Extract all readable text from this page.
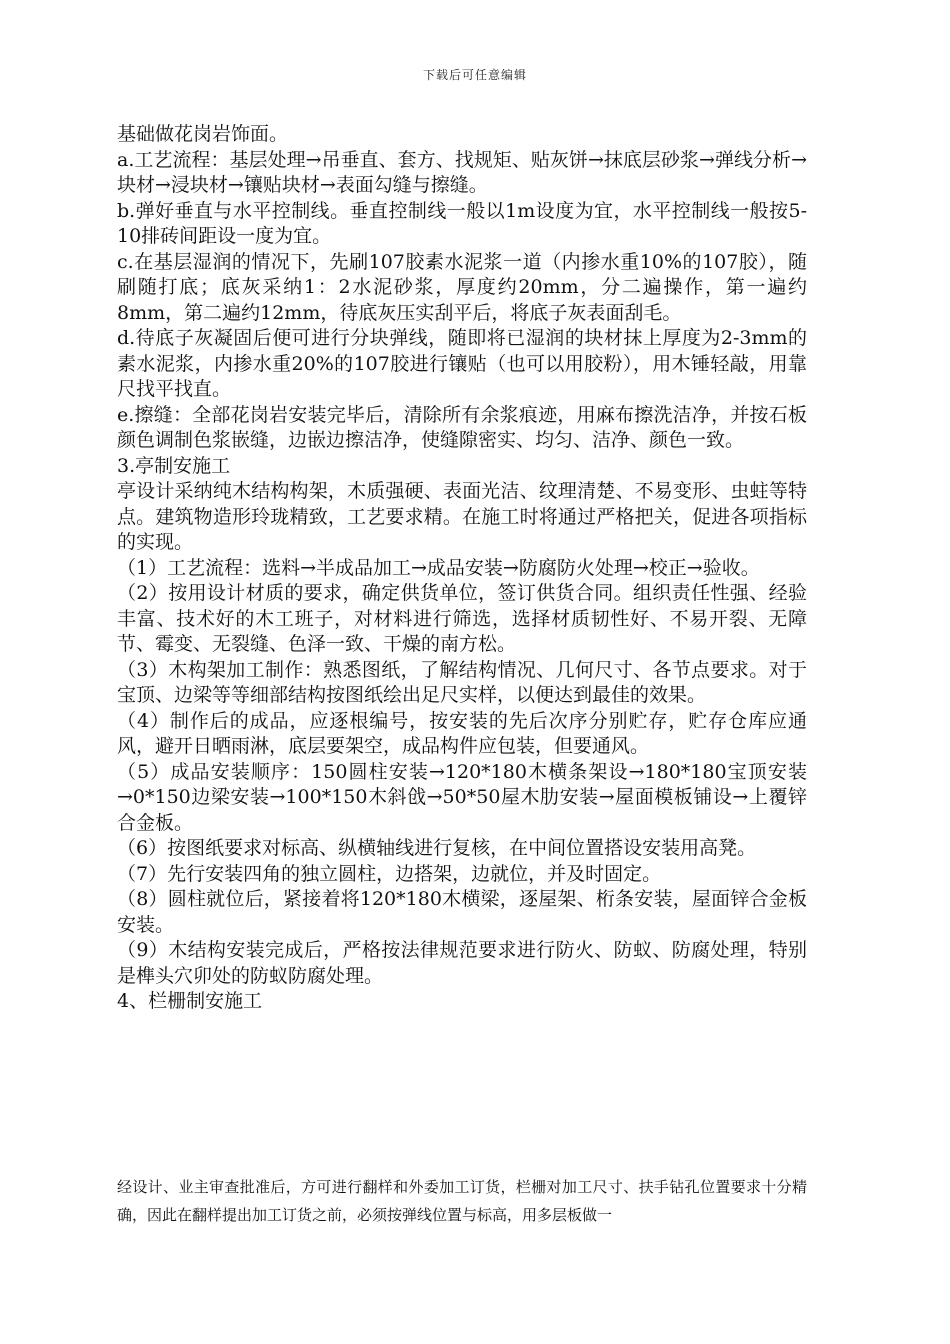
下载后可任意编辑

基础做花岗岩饰面。

a.工艺流程：基层处理→吊垂直、套方、找规矩、贴灰饼→抹底层砂浆→弹线分析→块材→浸块材→镶贴块材→表面勾缝与擦缝。

b.弹好垂直与水平控制线。垂直控制线一般以1m设度为宜，水平控制线一般按5-10排砖间距设一度为宜。

c.在基层湿润的情况下，先刷107胶素水泥浆一道（内掺水重10%的107胶），随刷随打底；底灰采纳1：2水泥砂浆，厚度约20mm，分二遍操作，第一遍约8mm，第二遍约12mm，待底灰压实刮平后，将底子灰表面刮毛。

d.待底子灰凝固后便可进行分块弹线，随即将已湿润的块材抹上厚度为2-3mm的素水泥浆，内掺水重20%的107胶进行镶贴（也可以用胶粉），用木锤轻敲，用靠尺找平找直。

e.擦缝：全部花岗岩安装完毕后，清除所有余浆痕迹，用麻布擦洗洁净，并按石板颜色调制色浆嵌缝，边嵌边擦洁净，使缝隙密实、均匀、洁净、颜色一致。

3.亭制安施工

亭设计采纳纯木结构构架，木质强硬、表面光洁、纹理清楚、不易变形、虫蛀等特点。建筑物造形玲珑精致，工艺要求精。在施工时将通过严格把关，促进各项指标的实现。

（1）工艺流程：选料→半成品加工→成品安装→防腐防火处理→校正→验收。

（2）按用设计材质的要求，确定供货单位，签订供货合同。组织责任性强、经验丰富、技术好的木工班子，对材料进行筛选，选择材质韧性好、不易开裂、无障节、霉变、无裂缝、色泽一致、干燥的南方松。

（3）木构架加工制作：熟悉图纸，了解结构情况、几何尺寸、各节点要求。对于宝顶、边梁等等细部结构按图纸绘出足尺实样，以便达到最佳的效果。

（4）制作后的成品，应逐根编号，按安装的先后次序分别贮存，贮存仓库应通风，避开日晒雨淋，底层要架空，成品构件应包装，但要通风。

（5）成品安装顺序：150圆柱安装→120*180木横条架设→180*180宝顶安装→0*150边梁安装→100*150木斜戗→50*50屋木肋安装→屋面模板铺设→上覆锌合金板。

（6）按图纸要求对标高、纵横轴线进行复核，在中间位置搭设安装用高凳。

（7）先行安装四角的独立圆柱，边搭架，边就位，并及时固定。

（8）圆柱就位后，紧接着将120*180木横梁，逐屋架、桁条安装，屋面锌合金板安装。

（9）木结构安装完成后，严格按法律规范要求进行防火、防蚁、防腐处理，特别是榫头穴卯处的防蚁防腐处理。

4、栏栅制安施工

经设计、业主审查批准后，方可进行翻样和外委加工订货，栏栅对加工尺寸、扶手钻孔位置要求十分精确，因此在翻样提出加工订货之前，必须按弹线位置与标高，用多层板做一
